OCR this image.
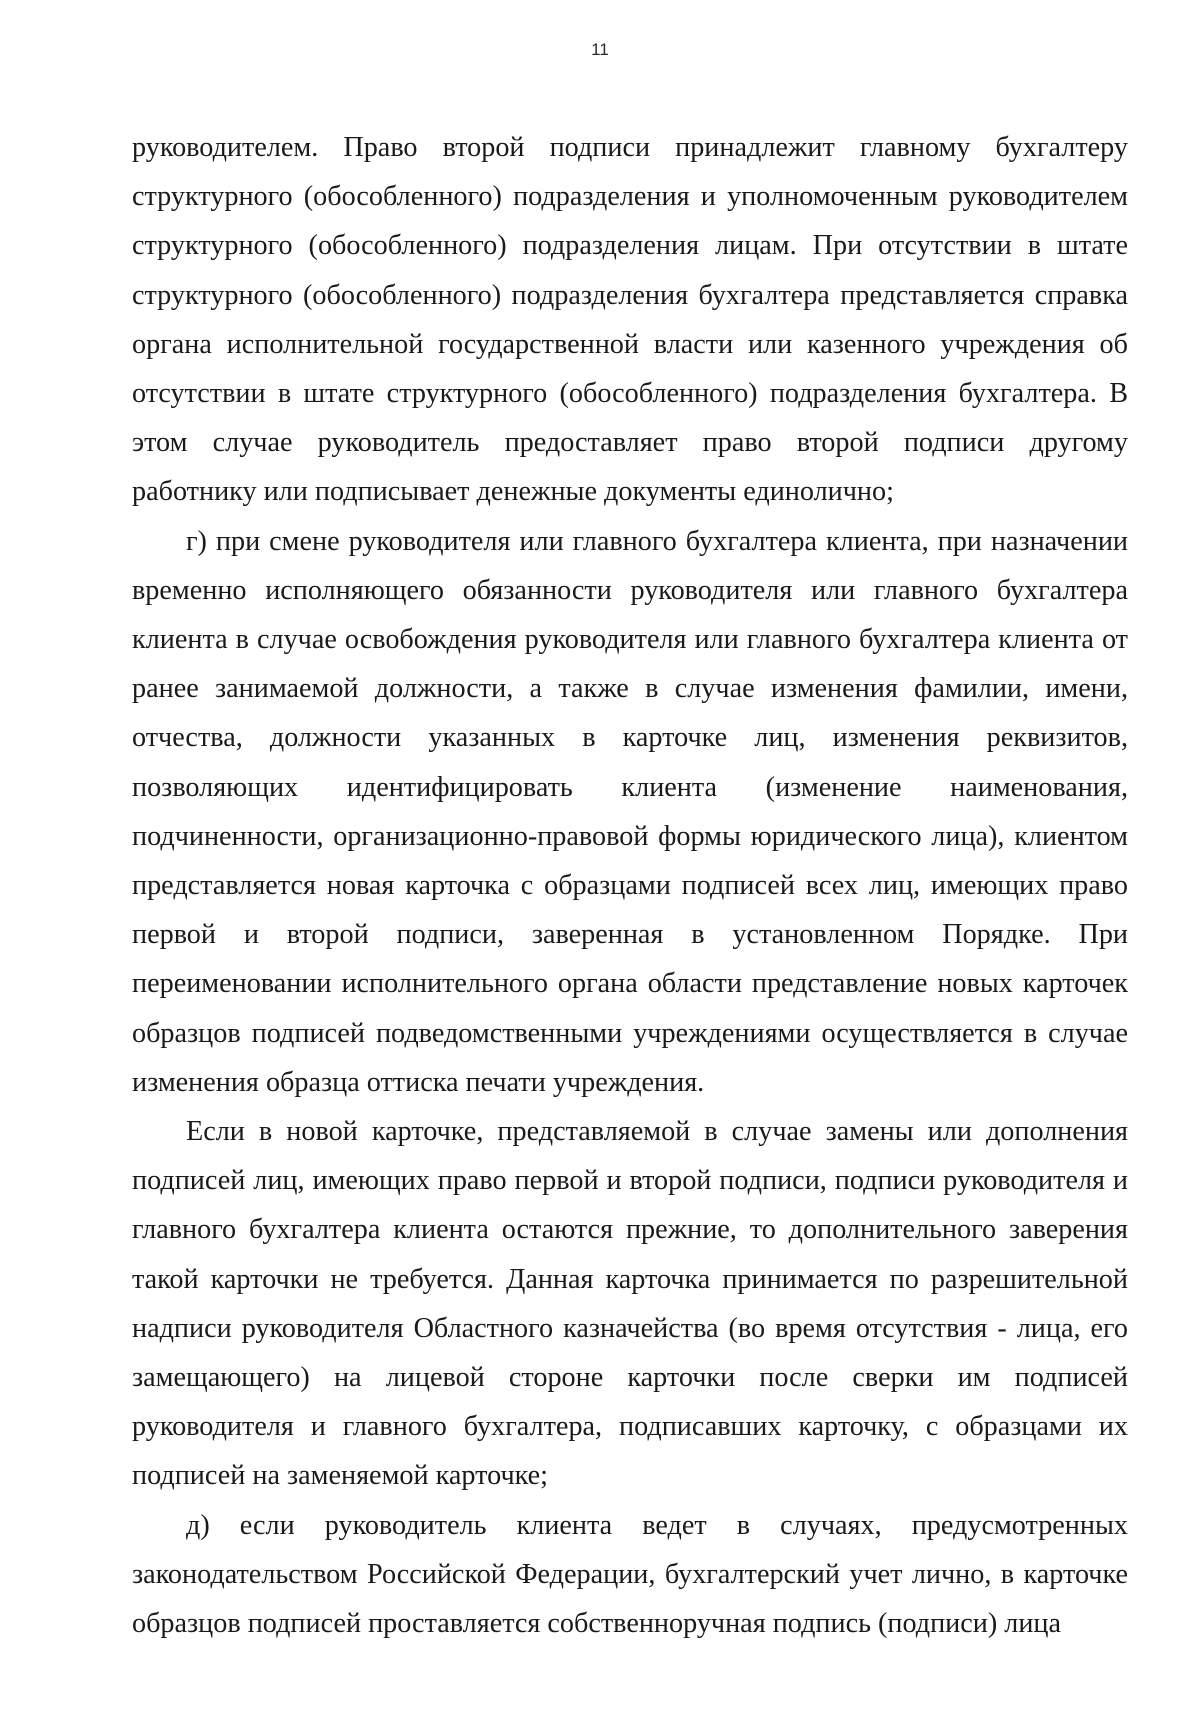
11

руководителем. Право второй подписи принадлежит главному бухгалтеру структурного (обособленного) подразделения и уполномоченным руководителем структурного (обособленного) подразделения лицам. При отсутствии в штате структурного (обособленного) подразделения бухгалтера представляется справка органа исполнительной государственной власти или казенного учреждения об отсутствии в штате структурного (обособленного) подразделения бухгалтера. В этом случае руководитель предоставляет право второй подписи другому работнику или подписывает денежные документы единолично;

г) при смене руководителя или главного бухгалтера клиента, при назначении временно исполняющего обязанности руководителя или главного бухгалтера клиента в случае освобождения руководителя или главного бухгалтера клиента от ранее занимаемой должности, а также в случае изменения фамилии, имени, отчества, должности указанных в карточке лиц, изменения реквизитов, позволяющих идентифицировать клиента (изменение наименования, подчиненности, организационно-правовой формы юридического лица), клиентом представляется новая карточка с образцами подписей всех лиц, имеющих право первой и второй подписи, заверенная в установленном Порядке. При переименовании исполнительного органа области представление новых карточек образцов подписей подведомственными учреждениями осуществляется в случае изменения образца оттиска печати учреждения.

Если в новой карточке, представляемой в случае замены или дополнения подписей лиц, имеющих право первой и второй подписи, подписи руководителя и главного бухгалтера клиента остаются прежние, то дополнительного заверения такой карточки не требуется. Данная карточка принимается по разрешительной надписи руководителя Областного казначейства (во время отсутствия - лица, его замещающего) на лицевой стороне карточки после сверки им подписей руководителя и главного бухгалтера, подписавших карточку, с образцами их подписей на заменяемой карточке;

д) если руководитель клиента ведет в случаях, предусмотренных законодательством Российской Федерации, бухгалтерский учет лично, в карточке образцов подписей проставляется собственноручная подпись (подписи) лица
